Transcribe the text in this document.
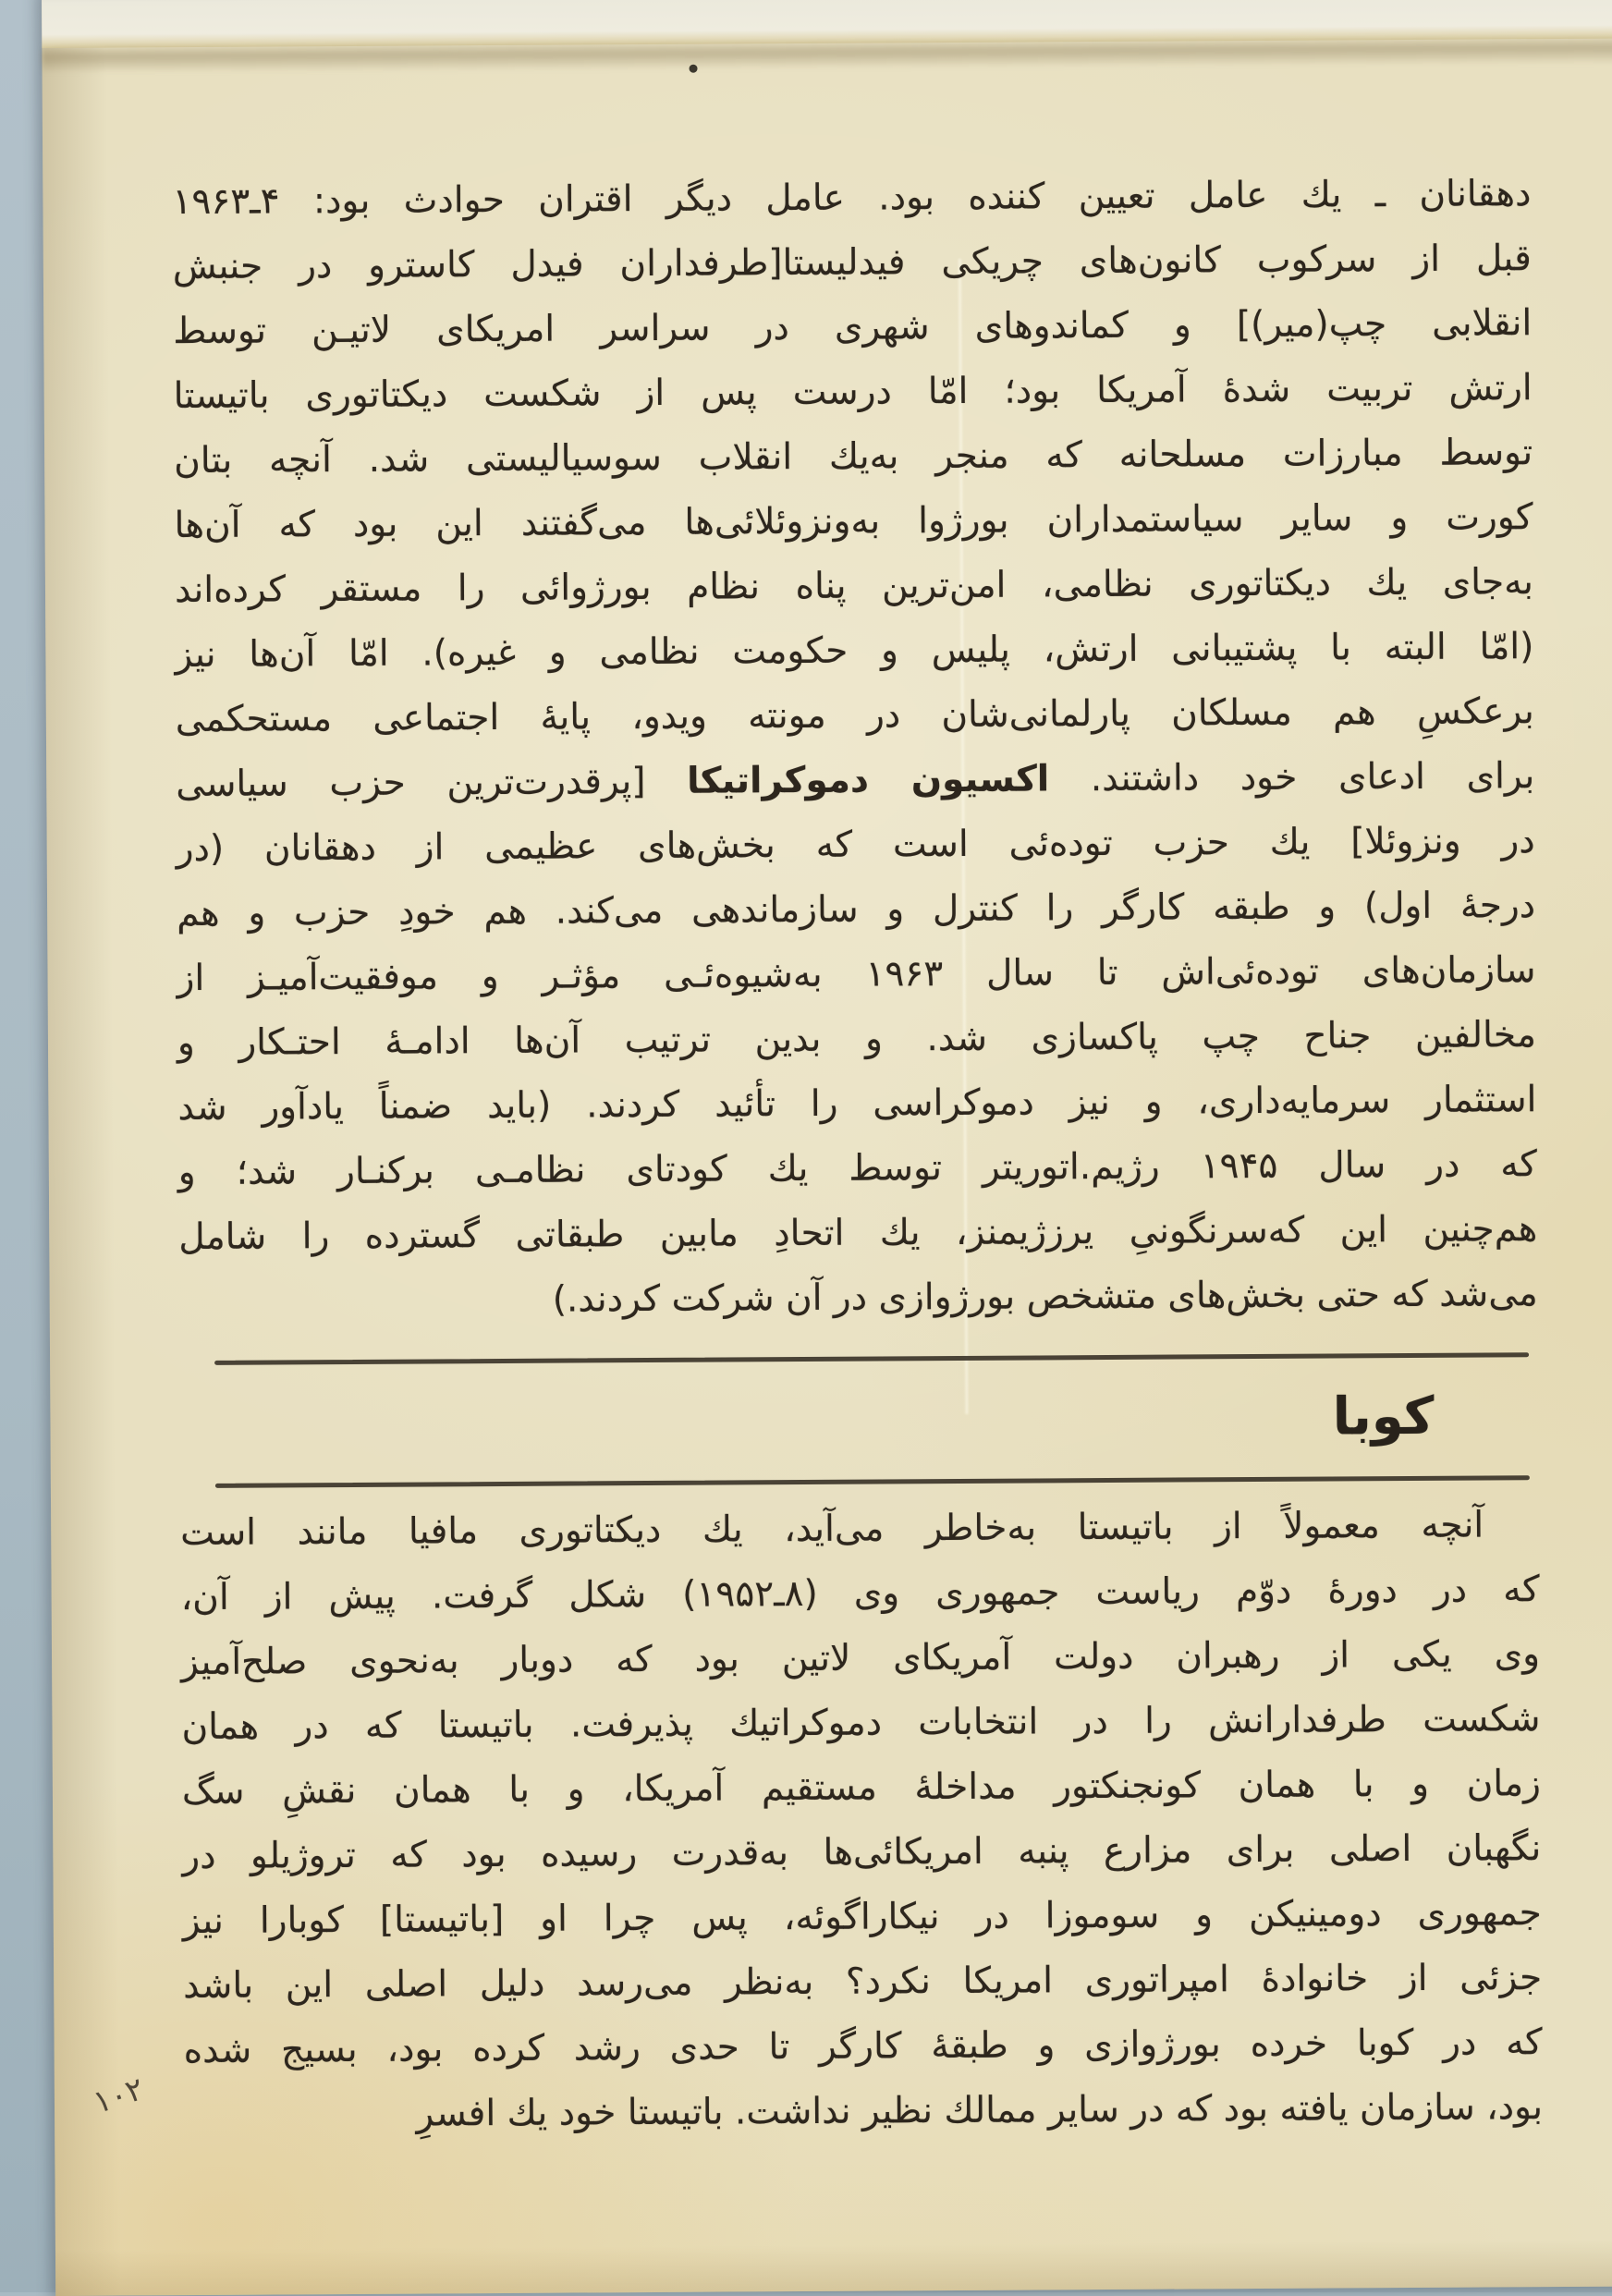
دهقانان ـ يك عامل تعيين كننده بود. عامل ديگر اقتران حوادث بود: ۴ـ۱۹۶۳
قبل از سركوب كانون‌های چريكی فيدليستا[طرفداران فيدل كاسترو در جنبش
انقلابی چپ(مير)] و كماندوهای شهری در سراسر امريكای لاتيـن توسط
ارتش تربيت شدۀ آمريكا بود؛ امّا درست پس از شكست ديكتاتوری باتيستا
توسط مبارزات مسلحانه كه منجر به‌يك انقلاب سوسياليستی شد. آنچه بتان
كورت و ساير سياستمداران بورژوا به‌ونزوئلائی‌ها می‌گفتند اين بود كه آن‌ها
به‌جای يك ديكتاتوری نظامی، امن‌ترين پناه نظام بورژوائی را مستقر كرده‌اند
(امّا البته با پشتيبانی ارتش، پليس و حكومت نظامی و غيره). امّا آن‌ها نيز
برعكسِ هم مسلكان پارلمانی‌شان در مونته ويدو، پايۀ اجتماعی مستحكمی
برای ادعای خود داشتند. اكسيون دموكراتيكا [پرقدرت‌ترين حزب سياسی
در ونزوئلا] يك حزب توده‌ئی است كه بخش‌های عظيمی از دهقانان (در
درجۀ اول) و طبقه كارگر را كنترل و سازماندهی می‌كند. هم خودِ حزب و هم
سازمان‌های توده‌ئی‌اش تا سال ۱۹۶۳ به‌شيوه‌ئـی مؤثـر و موفقيت‌آميـز از
مخالفين جناح چپ پاكسازی شد. و بدين ترتيب آن‌ها ادامـۀ احتـكار و
استثمار سرمايه‌داری، و نيز دموكراسی را تأئيد كردند. (بايد ضمناً يادآور شد
كه در سال ۱۹۴۵ رژيم.اتوريتر توسط يك كودتای نظامـی بركنـار شد؛ و
هم‌چنين اين كه‌سرنگونیِ يرزژيمنز، يك اتحادِ مابين طبقاتی گسترده را شامل
می‌شد كه حتی بخش‌های متشخص بورژوازی در آن شركت كردند.)
كوبا
آنچه معمولاً از باتيستا به‌خاطر می‌آيد، يك ديكتاتوری مافيا مانند است
كه در دورۀ دوّم رياست جمهوری وی (۸ـ۱۹۵۲) شكل گرفت. پيش از آن،
وی يكی از رهبران دولت آمريكای لاتين بود كه دوبار به‌نحوی صلح‌آميز
شكست طرفدارانش را در انتخابات دموكراتيك پذيرفت. باتيستا كه در همان
زمان و با همان كونجنكتور مداخلۀ مستقيم آمريكا، و با همان نقشِ سگ
نگهبان اصلی برای مزارع پنبه امريكائی‌ها به‌قدرت رسيده بود كه تروژيلو در
جمهوری دومينيكن و سوموزا در نيكاراگوئه، پس چرا او [باتيستا] كوبارا نيز
جزئی از خانوادۀ امپراتوری امريكا نكرد؟ به‌نظر می‌رسد دليل اصلی اين باشد
كه در كوبا خرده بورژوازی و طبقۀ كارگر تا حدی رشد كرده بود، بسيج شده
بود، سازمان يافته بود كه در ساير ممالك نظير نداشت. باتيستا خود يك افسرِ
۱۰۲
